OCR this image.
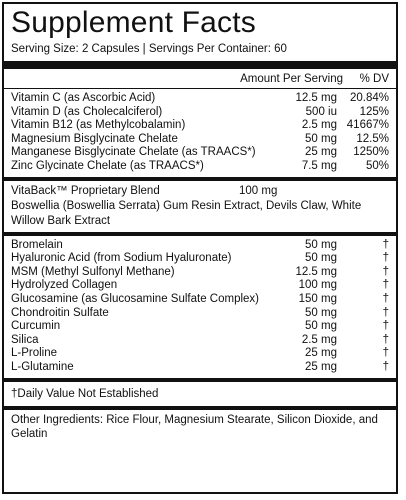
Supplement Facts
Serving Size: 2 Capsules | Servings Per Container: 60
Amount Per Serving	% DV
Vitamin C (as Ascorbic Acid)	12.5 mg	20.84%
Vitamin D (as Cholecalciferol)	500 iu	125%
Vitamin B12 (as Methylcobalamin)	2.5 mg 41667%
Magnesium Bisglycinate Chelate	50 mg	12.5%
Manganese Bisglycinate Chelate (as TRAACS*)	25 mg	1250%
Zinc Glycinate Chelate (as TRAACS*)	7.5 mg	50%
VitaBack™ Proprietary Blend	100 mg
Boswellia (Boswellia Serrata) Gum Resin Extract, Devils Claw, White Willow Bark Extract
Bromelain	50 mg	†
Hyaluronic Acid (from Sodium Hyaluronate)	50 mg	†
MSM (Methyl Sulfonyl Methane)	12.5 mg	†
Hydrolyzed Collagen	100 mg	†
Glucosamine (as Glucosamine Sulfate Complex)	150 mg	†
Chondroitin Sulfate	50 mg	†
Curcumin	50 mg	†
Silica	2.5 mg	†
L-Proline	25 mg	†
L-Glutamine	25 mg	†
†Daily Value Not Established
Other Ingredients: Rice Flour, Magnesium Stearate, Silicon Dioxide, and Gelatin
